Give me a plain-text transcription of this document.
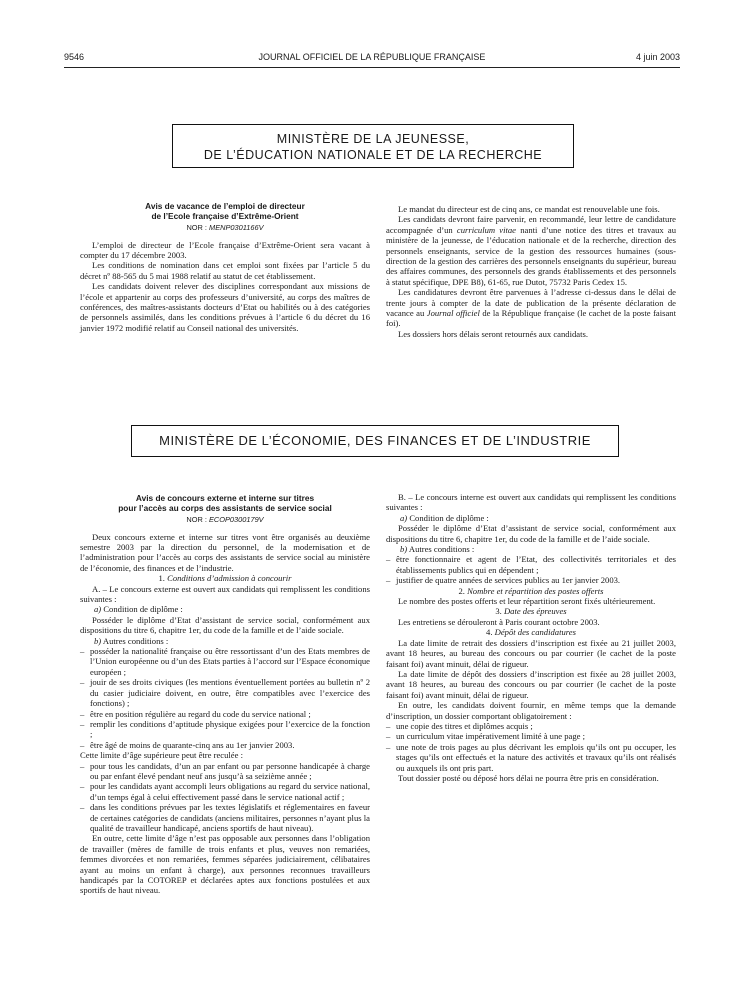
9546	JOURNAL OFFICIEL DE LA RÉPUBLIQUE FRANÇAISE	4 juin 2003
MINISTÈRE DE LA JEUNESSE,
DE L’ÉDUCATION NATIONALE ET DE LA RECHERCHE
Avis de vacance de l’emploi de directeur
de l’Ecole française d’Extrême-Orient
NOR : MENP0301166V

L’emploi de directeur de l’Ecole française d’Extrême-Orient sera vacant à compter du 17 décembre 2003.

Les conditions de nomination dans cet emploi sont fixées par l’article 5 du décret nº 88-565 du 5 mai 1988 relatif au statut de cet établissement.

Les candidats doivent relever des disciplines correspondant aux missions de l’école et appartenir au corps des professeurs d’université, au corps des maîtres de conférences, des maîtres-assistants docteurs d’Etat ou habilités ou à des catégories de personnels assimilés, dans les conditions prévues à l’article 6 du décret du 16 janvier 1972 modifié relatif au Conseil national des universités.

Le mandat du directeur est de cinq ans, ce mandat est renouvelable une fois.

Les candidats devront faire parvenir, en recommandé, leur lettre de candidature accompagnée d’un curriculum vitae nanti d’une notice des titres et travaux au ministère de la jeunesse, de l’éducation nationale et de la recherche, direction des personnels enseignants, service de la gestion des ressources humaines (sous-direction de la gestion des carrières des personnels enseignants du supérieur, bureau des affaires communes, des personnels des grands établissements et des personnels à statut spécifique, DPE B8), 61-65, rue Dutot, 75732 Paris Cedex 15.

Les candidatures devront être parvenues à l’adresse ci-dessus dans le délai de trente jours à compter de la date de publication de la présente déclaration de vacance au Journal officiel de la République française (le cachet de la poste faisant foi).

Les dossiers hors délais seront retournés aux candidats.

MINISTÈRE DE L’ÉCONOMIE, DES FINANCES ET DE L’INDUSTRIE
Avis de concours externe et interne sur titres
pour l’accès au corps des assistants de service social
NOR : ECOP0300179V

Deux concours externe et interne sur titres vont être organisés au deuxième semestre 2003 par la direction du personnel, de la modernisation et de l’administration pour l’accès au corps des assistants de service social au ministère de l’économie, des finances et de l’industrie.

1. Conditions d’admission à concourir

A. – Le concours externe est ouvert aux candidats qui remplissent les conditions suivantes :

a) Condition de diplôme :

Posséder le diplôme d’Etat d’assistant de service social, conformément aux dispositions du titre 6, chapitre 1er, du code de la famille et de l’aide sociale.

b) Autres conditions :

– posséder la nationalité française ou être ressortissant d’un des Etats membres de l’Union européenne ou d’un des Etats parties à l’accord sur l’Espace économique européen ;

– jouir de ses droits civiques (les mentions éventuellement portées au bulletin nº 2 du casier judiciaire doivent, en outre, être compatibles avec l’exercice des fonctions) ;

– être en position régulière au regard du code du service national ;

– remplir les conditions d’aptitude physique exigées pour l’exercice de la fonction ;

– être âgé de moins de quarante-cinq ans au 1er janvier 2003.

Cette limite d’âge supérieure peut être reculée :

– pour tous les candidats, d’un an par enfant ou par personne handicapée à charge ou par enfant élevé pendant neuf ans jusqu’à sa seizième année ;

– pour les candidats ayant accompli leurs obligations au regard du service national, d’un temps égal à celui effectivement passé dans le service national actif ;

– dans les conditions prévues par les textes législatifs et réglementaires en faveur de certaines catégories de candidats (anciens militaires, personnes n’ayant plus la qualité de travailleur handicapé, anciens sportifs de haut niveau).

En outre, cette limite d’âge n’est pas opposable aux personnes dans l’obligation de travailler (mères de famille de trois enfants et plus, veuves non remariées, femmes divorcées et non remariées, femmes séparées judiciairement, célibataires ayant au moins un enfant à charge), aux personnes reconnues travailleurs handicapés par la COTOREP et déclarées aptes aux fonctions postulées et aux sportifs de haut niveau.

B. – Le concours interne est ouvert aux candidats qui remplissent les conditions suivantes :

a) Condition de diplôme :

Posséder le diplôme d’Etat d’assistant de service social, conformément aux dispositions du titre 6, chapitre 1er, du code de la famille et de l’aide sociale.

b) Autres conditions :

– être fonctionnaire et agent de l’Etat, des collectivités territoriales et des établissements publics qui en dépendent ;

– justifier de quatre années de services publics au 1er janvier 2003.

2. Nombre et répartition des postes offerts

Le nombre des postes offerts et leur répartition seront fixés ultérieurement.

3. Date des épreuves

Les entretiens se dérouleront à Paris courant octobre 2003.

4. Dépôt des candidatures

La date limite de retrait des dossiers d’inscription est fixée au 21 juillet 2003, avant 18 heures, au bureau des concours ou par courrier (le cachet de la poste faisant foi) avant minuit, délai de rigueur.

La date limite de dépôt des dossiers d’inscription est fixée au 28 juillet 2003, avant 18 heures, au bureau des concours ou par courrier (le cachet de la poste faisant foi) avant minuit, délai de rigueur.

En outre, les candidats doivent fournir, en même temps que la demande d’inscription, un dossier comportant obligatoirement :

– une copie des titres et diplômes acquis ;

– un curriculum vitae impérativement limité à une page ;

– une note de trois pages au plus décrivant les emplois qu’ils ont pu occuper, les stages qu’ils ont effectués et la nature des activités et travaux qu’ils ont réalisés ou auxquels ils ont pris part.

Tout dossier posté ou déposé hors délai ne pourra être pris en considération.
